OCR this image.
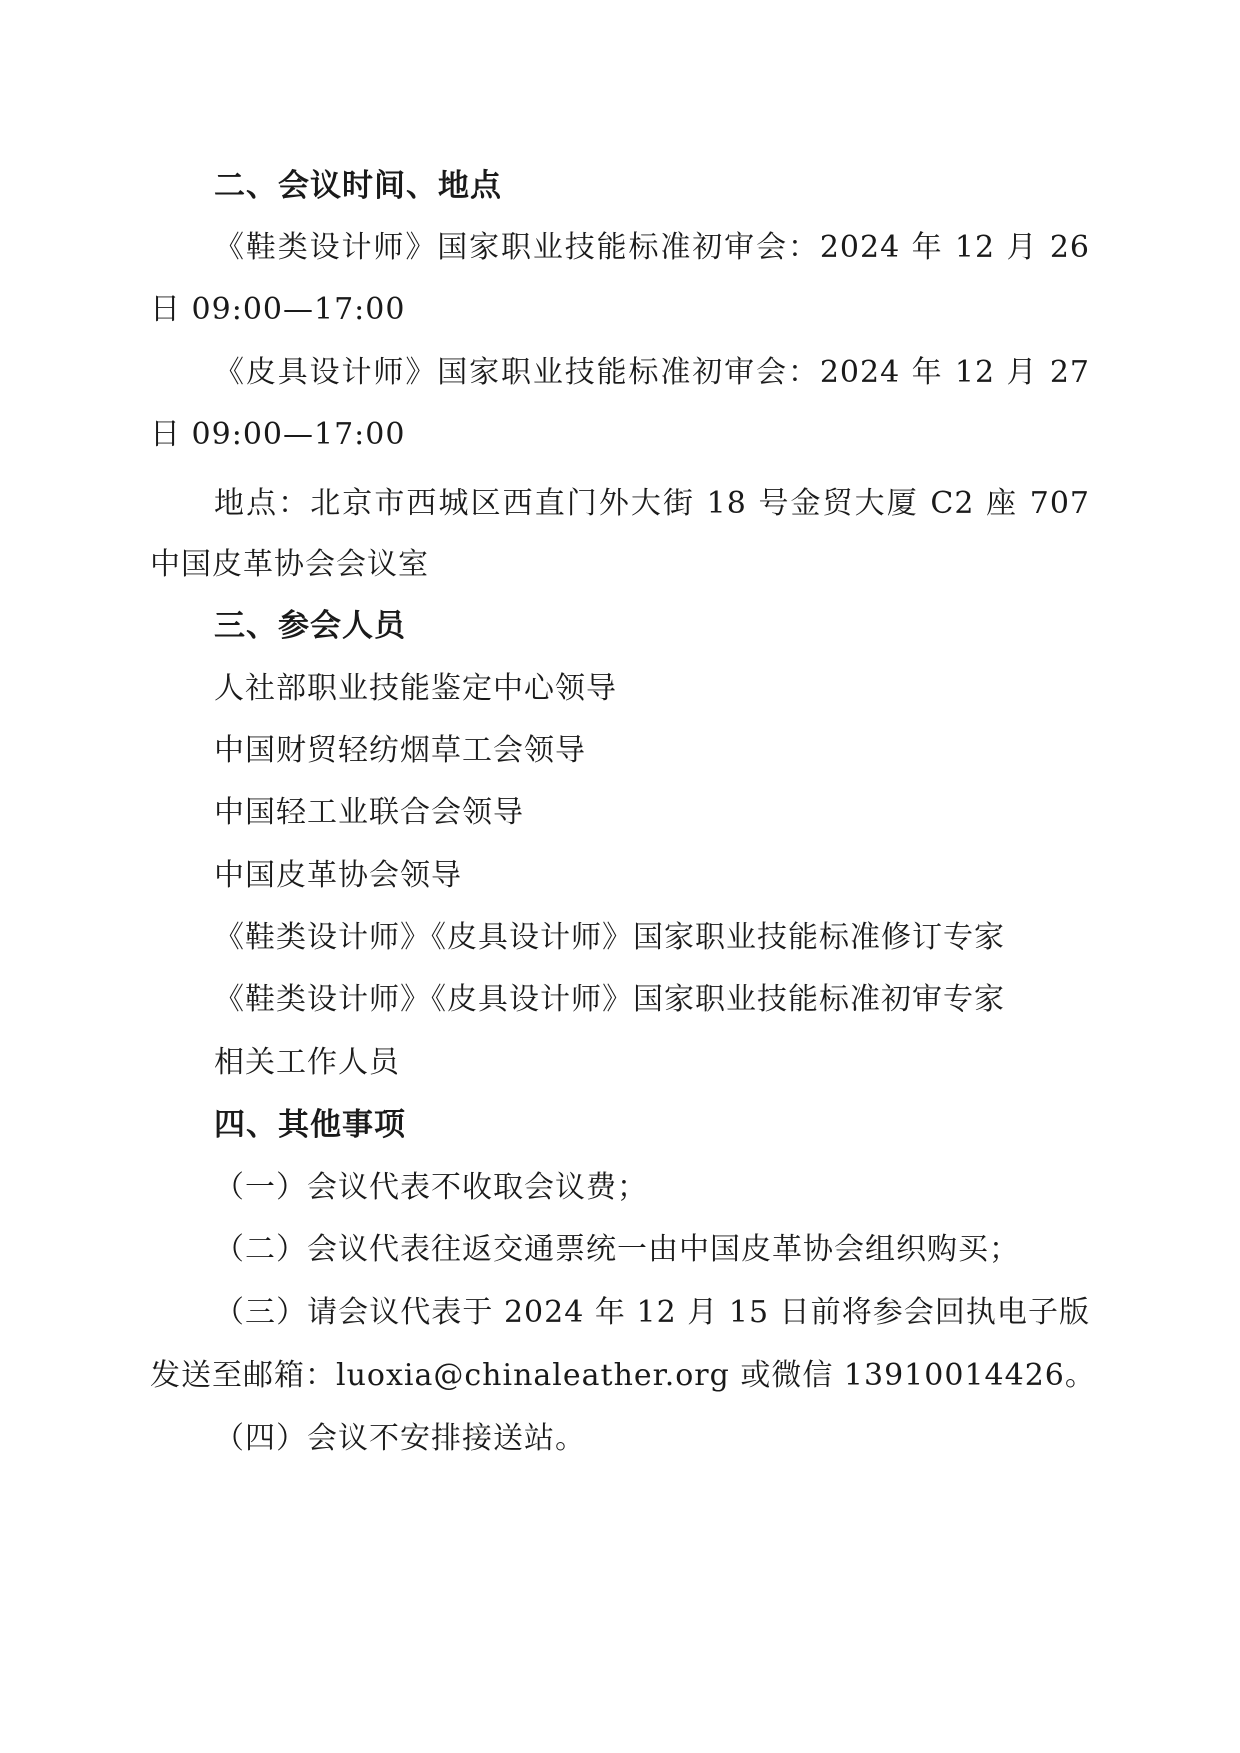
二、会议时间、地点
《鞋类设计师》国家职业技能标准初审会：2024 年 12 月 26
日 09:00—17:00
《皮具设计师》国家职业技能标准初审会：2024 年 12 月 27
日 09:00—17:00
地点：北京市西城区西直门外大街 18 号金贸大厦 C2 座 707
中国皮革协会会议室
三、参会人员
人社部职业技能鉴定中心领导
中国财贸轻纺烟草工会领导
中国轻工业联合会领导
中国皮革协会领导
《鞋类设计师》《皮具设计师》国家职业技能标准修订专家
《鞋类设计师》《皮具设计师》国家职业技能标准初审专家
相关工作人员
四、其他事项
（一）会议代表不收取会议费；
（二）会议代表往返交通票统一由中国皮革协会组织购买；
（三）请会议代表于 2024 年 12 月 15 日前将参会回执电子版
发送至邮箱：luoxia@chinaleather.org 或微信 13910014426。
（四）会议不安排接送站。
